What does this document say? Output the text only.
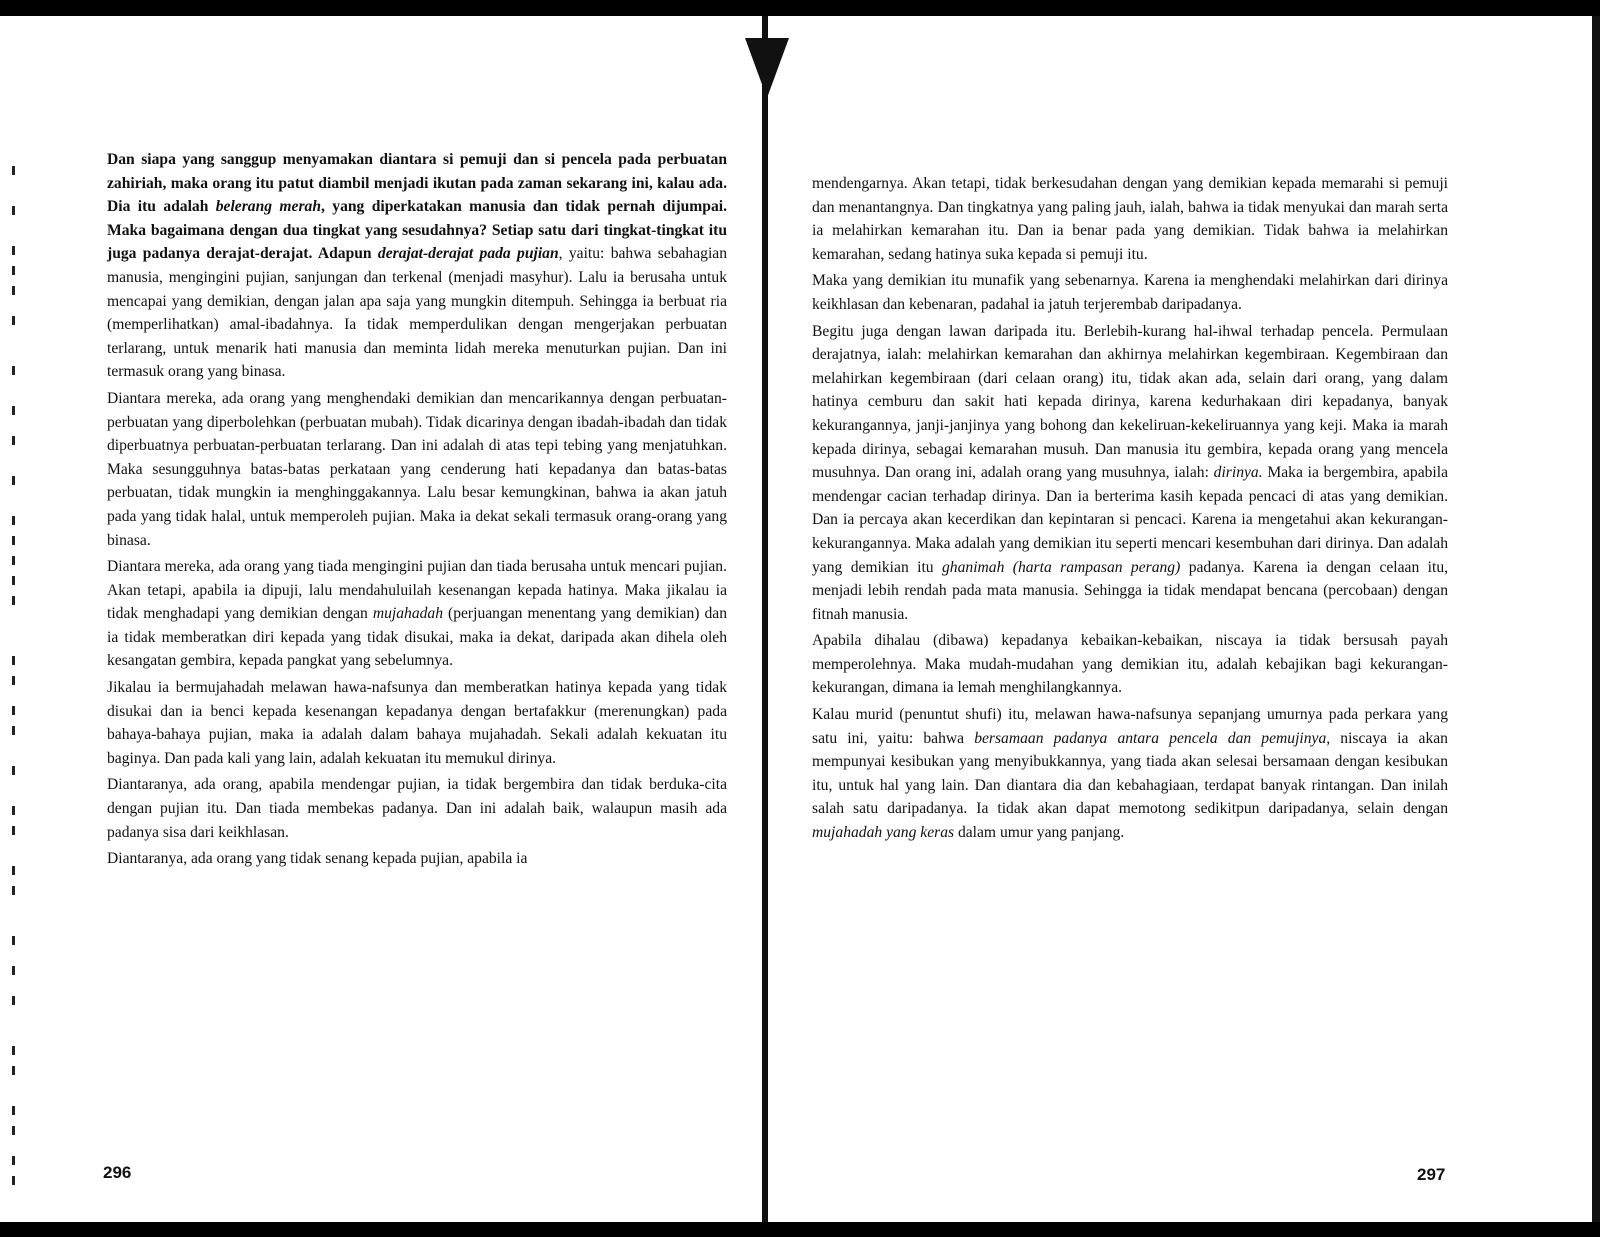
Dan siapa yang sanggup menyamakan diantara si pemuji dan si pencela pada perbuatan zahiriah, maka orang itu patut diambil menjadi ikutan pada zaman sekarang ini, kalau ada. Dia itu adalah belerang merah, yang diperkatakan manusia dan tidak pernah dijumpai. Maka bagaimana dengan dua tingkat yang sesudahnya? Setiap satu dari tingkat-tingkat itu juga padanya derajat-derajat. Adapun derajat-derajat pada pujian, yaitu: bahwa sebahagian manusia, mengingini pujian, sanjungan dan terkenal (menjadi masyhur). Lalu ia berusaha untuk mencapai yang demikian, dengan jalan apa saja yang mungkin ditempuh. Sehingga ia berbuat ria (memperlihatkan) amal-ibadahnya. Ia tidak memperdulikan dengan mengerjakan perbuatan terlarang, untuk menarik hati manusia dan meminta lidah mereka menuturkan pujian. Dan ini termasuk orang yang binasa.

Diantara mereka, ada orang yang menghendaki demikian dan mencarikannya dengan perbuatan-perbuatan yang diperbolehkan (perbuatan mubah). Tidak dicarinya dengan ibadah-ibadah dan tidak diperbuatnya perbuatan-perbuatan terlarang. Dan ini adalah di atas tepi tebing yang menjatuhkan. Maka sesungguhnya batas-batas perkataan yang cenderung hati kepadanya dan batas-batas perbuatan, tidak mungkin ia menghinggakannya. Lalu besar kemungkinan, bahwa ia akan jatuh pada yang tidak halal, untuk memperoleh pujian. Maka ia dekat sekali termasuk orang-orang yang binasa.

Diantara mereka, ada orang yang tiada mengingini pujian dan tiada berusaha untuk mencari pujian. Akan tetapi, apabila ia dipuji, lalu mendahuluilah kesenangan kepada hatinya. Maka jikalau ia tidak menghadapi yang demikian dengan mujahadah (perjuangan menentang yang demikian) dan ia tidak memberatkan diri kepada yang tidak disukai, maka ia dekat, daripada akan dihela oleh kesangatan gembira, kepada pangkat yang sebelumnya.

Jikalau ia bermujahadah melawan hawa-nafsunya dan memberatkan hatinya kepada yang tidak disukai dan ia benci kepada kesenangan kepadanya dengan bertafakkur (merenungkan) pada bahaya-bahaya pujian, maka ia adalah dalam bahaya mujahadah. Sekali adalah kekuatan itu baginya. Dan pada kali yang lain, adalah kekuatan itu memukul dirinya.

Diantaranya, ada orang, apabila mendengar pujian, ia tidak bergembira dan tidak berduka-cita dengan pujian itu. Dan tiada membekas padanya. Dan ini adalah baik, walaupun masih ada padanya sisa dari keikhlasan.

Diantaranya, ada orang yang tidak senang kepada pujian, apabila ia

mendengarnya. Akan tetapi, tidak berkesudahan dengan yang demikian kepada memarahi si pemuji dan menantangnya. Dan tingkatnya yang paling jauh, ialah, bahwa ia tidak menyukai dan marah serta ia melahirkan kemarahan itu. Dan ia benar pada yang demikian. Tidak bahwa ia melahirkan kemarahan, sedang hatinya suka kepada si pemuji itu.

Maka yang demikian itu munafik yang sebenarnya. Karena ia menghendaki melahirkan dari dirinya keikhlasan dan kebenaran, padahal ia jatuh terjerembab daripadanya.

Begitu juga dengan lawan daripada itu. Berlebih-kurang hal-ihwal terhadap pencela. Permulaan derajatnya, ialah: melahirkan kemarahan dan akhirnya melahirkan kegembiraan. Kegembiraan dan melahirkan kegembiraan (dari celaan orang) itu, tidak akan ada, selain dari orang, yang dalam hatinya cemburu dan sakit hati kepada dirinya, karena kedurhakaan diri kepadanya, banyak kekurangannya, janji-janjinya yang bohong dan kekeliruan-kekeliruannya yang keji. Maka ia marah kepada dirinya, sebagai kemarahan musuh. Dan manusia itu gembira, kepada orang yang mencela musuhnya. Dan orang ini, adalah orang yang musuhnya, ialah: dirinya. Maka ia bergembira, apabila mendengar cacian terhadap dirinya. Dan ia berterima kasih kepada pencaci di atas yang demikian. Dan ia percaya akan kecerdikan dan kepintaran si pencaci. Karena ia mengetahui akan kekurangan-kekurangannya. Maka adalah yang demikian itu seperti mencari kesembuhan dari dirinya. Dan adalah yang demikian itu ghanimah (harta rampasan perang) padanya. Karena ia dengan celaan itu, menjadi lebih rendah pada mata manusia. Sehingga ia tidak mendapat bencana (percobaan) dengan fitnah manusia.

Apabila dihalau (dibawa) kepadanya kebaikan-kebaikan, niscaya ia tidak bersusah payah memperolehnya. Maka mudah-mudahan yang demikian itu, adalah kebajikan bagi kekurangan-kekurangan, dimana ia lemah menghilangkannya.

Kalau murid (penuntut shufi) itu, melawan hawa-nafsunya sepanjang umurnya pada perkara yang satu ini, yaitu: bahwa bersamaan padanya antara pencela dan pemujinya, niscaya ia akan mempunyai kesibukan yang menyibukkannya, yang tiada akan selesai bersamaan dengan kesibukan itu, untuk hal yang lain. Dan diantara dia dan kebahagiaan, terdapat banyak rintangan. Dan inilah salah satu daripadanya. Ia tidak akan dapat memotong sedikitpun daripadanya, selain dengan mujahadah yang keras dalam umur yang panjang.

296	297
